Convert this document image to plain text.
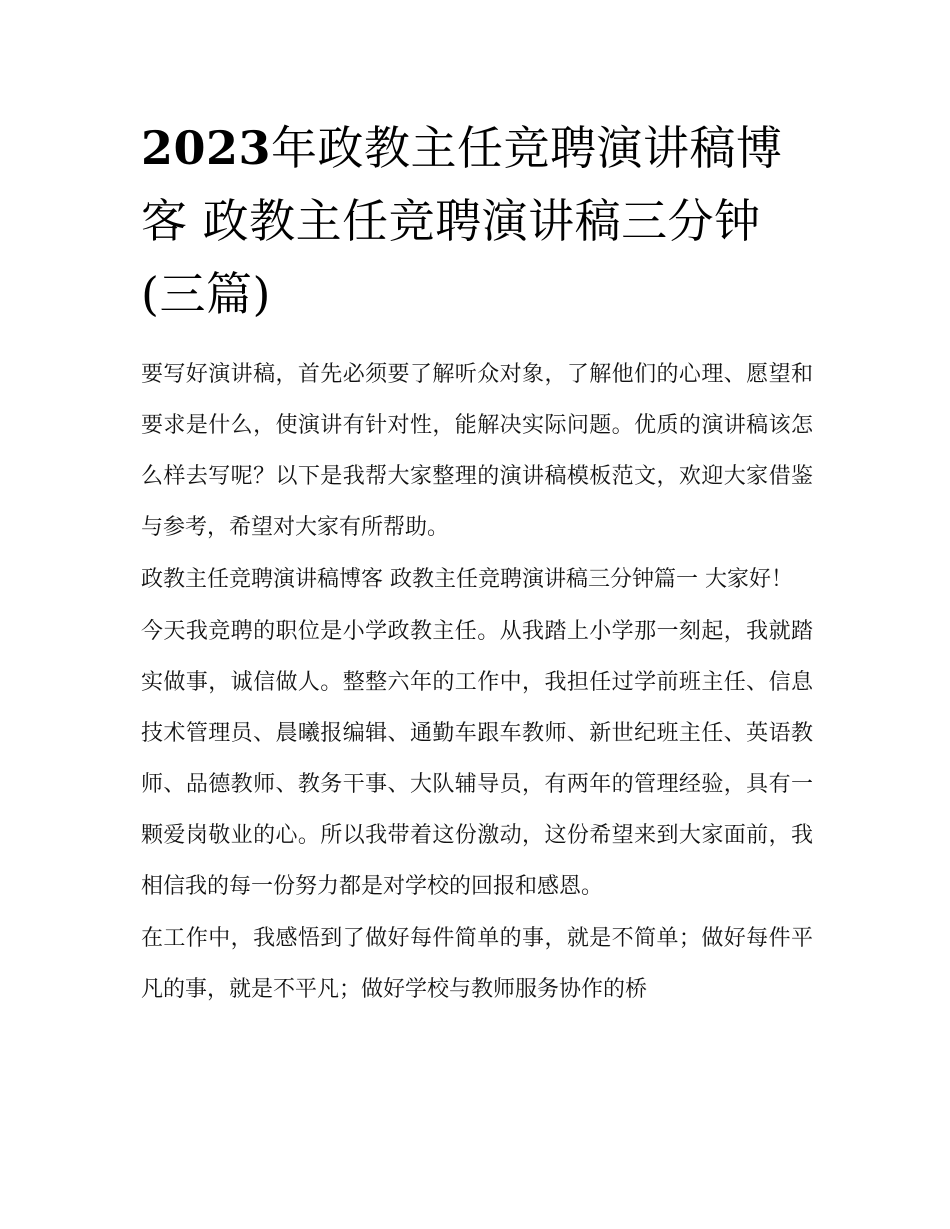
2023年政教主任竞聘演讲稿博客 政教主任竞聘演讲稿三分钟(三篇)

要写好演讲稿，首先必须要了解听众对象，了解他们的心理、愿望和要求是什么，使演讲有针对性，能解决实际问题。优质的演讲稿该怎么样去写呢？以下是我帮大家整理的演讲稿模板范文，欢迎大家借鉴与参考，希望对大家有所帮助。

政教主任竞聘演讲稿博客 政教主任竞聘演讲稿三分钟篇一 大家好！

今天我竞聘的职位是小学政教主任。从我踏上小学那一刻起，我就踏实做事，诚信做人。整整六年的工作中，我担任过学前班主任、信息技术管理员、晨曦报编辑、通勤车跟车教师、新世纪班主任、英语教师、品德教师、教务干事、大队辅导员，有两年的管理经验，具有一颗爱岗敬业的心。所以我带着这份激动，这份希望来到大家面前，我相信我的每一份努力都是对学校的回报和感恩。

在工作中，我感悟到了做好每件简单的事，就是不简单；做好每件平凡的事，就是不平凡；做好学校与教师服务协作的桥
